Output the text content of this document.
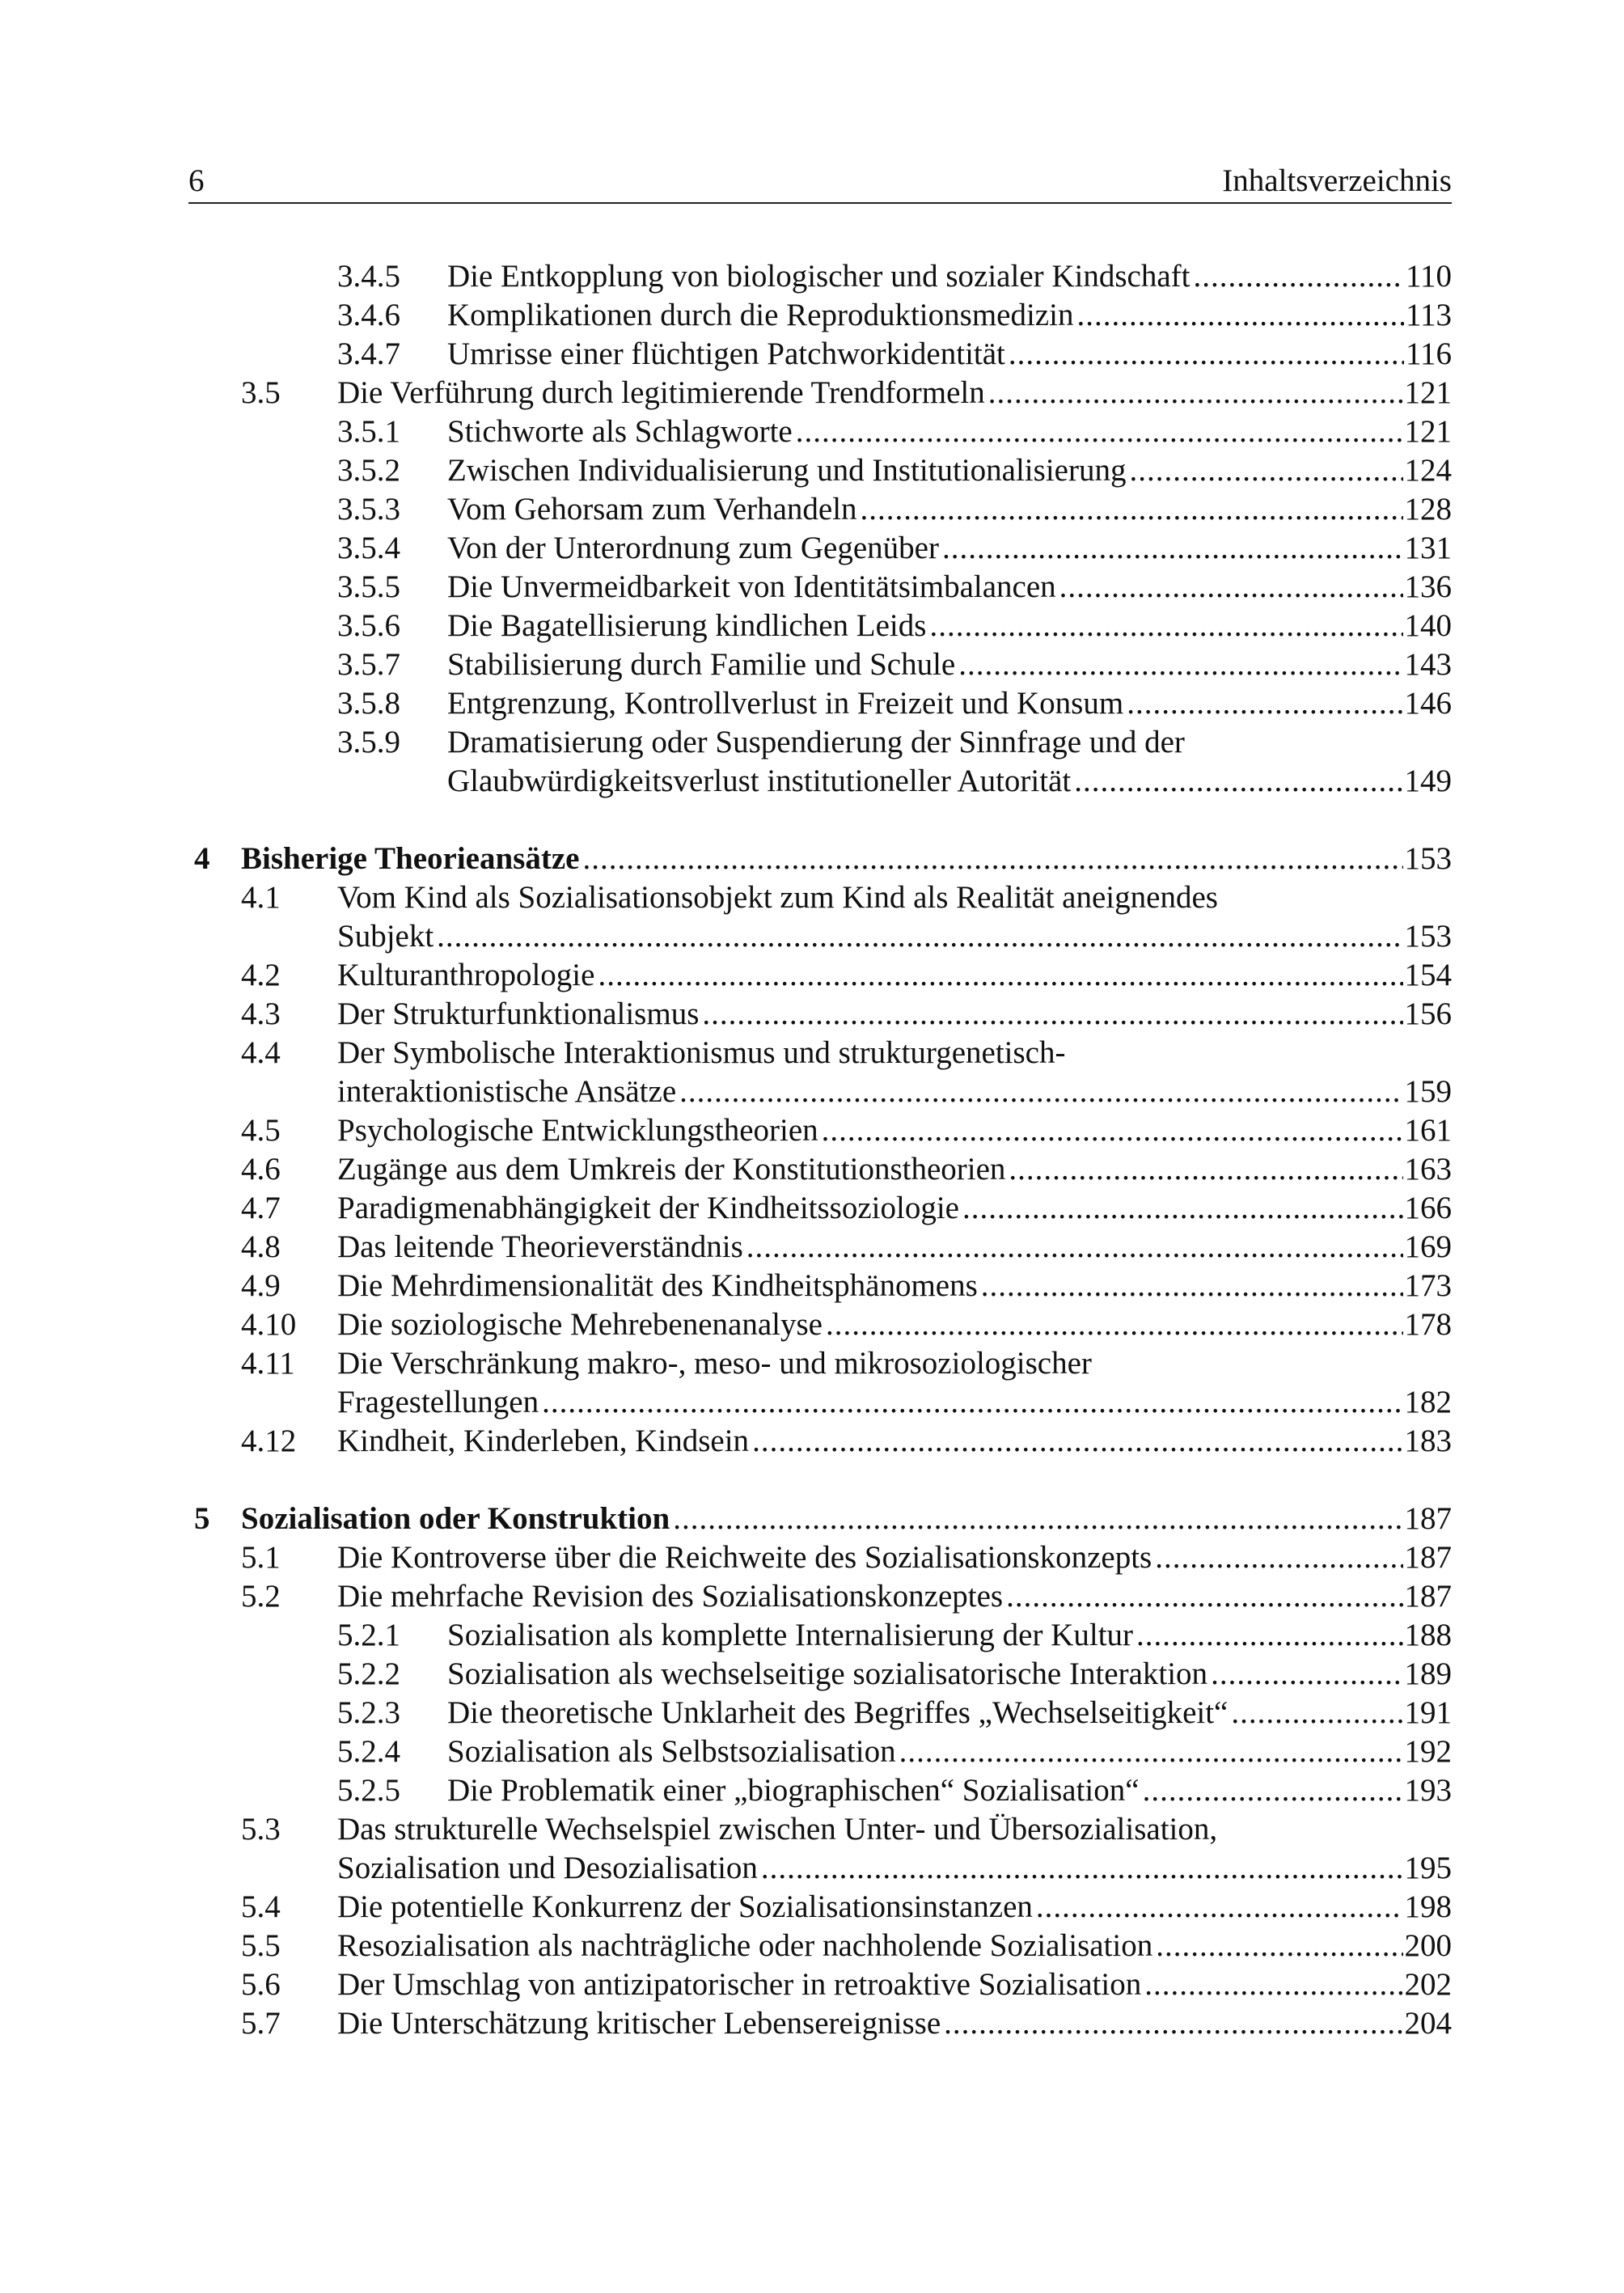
6	Inhaltsverzeichnis
3.4.5 Die Entkopplung von biologischer und sozialer Kindschaft .....	110
3.4.6 Komplikationen durch die Reproduktionsmedizin .....	113
3.4.7 Umrisse einer flüchtigen Patchworkidentität .....	116
3.5 Die Verführung durch legitimierende Trendformeln .....	121
3.5.1 Stichworte als Schlagworte .....	121
3.5.2 Zwischen Individualisierung und Institutionalisierung .....	124
3.5.3 Vom Gehorsam zum Verhandeln .....	128
3.5.4 Von der Unterordnung zum Gegenüber .....	131
3.5.5 Die Unvermeidbarkeit von Identitätsimbalancen .....	136
3.5.6 Die Bagatellisierung kindlichen Leids .....	140
3.5.7 Stabilisierung durch Familie und Schule .....	143
3.5.8 Entgrenzung, Kontrollverlust in Freizeit und Konsum .....	146
3.5.9 Dramatisierung oder Suspendierung der Sinnfrage und der
Glaubwürdigkeitsverlust institutioneller Autorität .....	149
4 Bisherige Theorieansätze .....	153
4.1 Vom Kind als Sozialisationsobjekt zum Kind als Realität aneignendes
Subjekt .....	153
4.2 Kulturanthropologie .....	154
4.3 Der Strukturfunktionalismus .....	156
4.4 Der Symbolische Interaktionismus und strukturgenetisch-
interaktionistische Ansätze .....	159
4.5 Psychologische Entwicklungstheorien .....	161
4.6 Zugänge aus dem Umkreis der Konstitutionstheorien .....	163
4.7 Paradigmenabhängigkeit der Kindheitssoziologie .....	166
4.8 Das leitende Theorieverständnis .....	169
4.9 Die Mehrdimensionalität des Kindheitsphänomens .....	173
4.10 Die soziologische Mehrebenenanalyse .....	178
4.11 Die Verschränkung makro-, meso- und mikrosoziologischer
Fragestellungen .....	182
4.12 Kindheit, Kinderleben, Kindsein .....	183
5 Sozialisation oder Konstruktion .....	187
5.1 Die Kontroverse über die Reichweite des Sozialisationskonzepts .....	187
5.2 Die mehrfache Revision des Sozialisationskonzeptes .....	187
5.2.1 Sozialisation als komplette Internalisierung der Kultur .....	188
5.2.2 Sozialisation als wechselseitige sozialisatorische Interaktion .....	189
5.2.3 Die theoretische Unklarheit des Begriffes „Wechselseitigkeit“ .....	191
5.2.4 Sozialisation als Selbstsozialisation .....	192
5.2.5 Die Problematik einer „biographischen“ Sozialisation“ .....	193
5.3 Das strukturelle Wechselspiel zwischen Unter- und Übersozialisation,
Sozialisation und Desozialisation .....	195
5.4 Die potentielle Konkurrenz der Sozialisationsinstanzen .....	198
5.5 Resozialisation als nachträgliche oder nachholende Sozialisation .....	200
5.6 Der Umschlag von antizipatorischer in retroaktive Sozialisation .....	202
5.7 Die Unterschätzung kritischer Lebensereignisse .....	204
